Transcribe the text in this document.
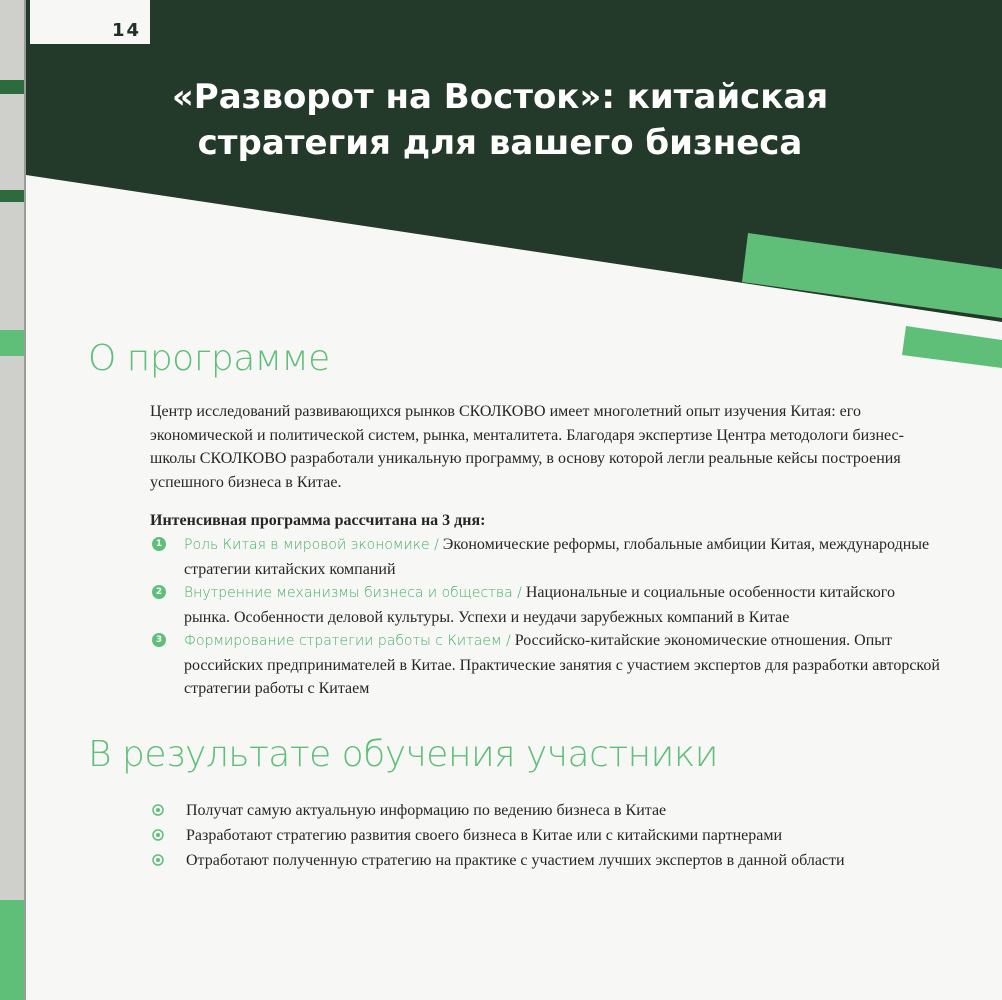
14
«Разворот на Восток»: китайская стратегия для вашего бизнеса
О программе

Центр исследований развивающихся рынков СКОЛКОВО имеет многолетний опыт изучения Китая: его экономической и политической систем, рынка, менталитета. Благодаря экспертизе Центра методологи бизнес-школы СКОЛКОВО разработали уникальную программу, в основу которой легли реальные кейсы построения успешного бизнеса в Китае.

Интенсивная программа рассчитана на 3 дня:

1 Роль Китая в мировой экономике / Экономические реформы, глобальные амбиции Китая, международные стратегии китайских компаний
2 Внутренние механизмы бизнеса и общества / Национальные и социальные особенности китайского рынка. Особенности деловой культуры. Успехи и неудачи зарубежных компаний в Китае
3 Формирование стратегии работы с Китаем / Российско-китайские экономические отношения. Опыт российских предпринимателей в Китае. Практические занятия с участием экспертов для разработки авторской стратегии работы с Китаем
В результате обучения участники
Получат самую актуальную информацию по ведению бизнеса в Китае
Разработают стратегию развития своего бизнеса в Китае или с китайскими партнерами
Отработают полученную стратегию на практике с участием лучших экспертов в данной области
